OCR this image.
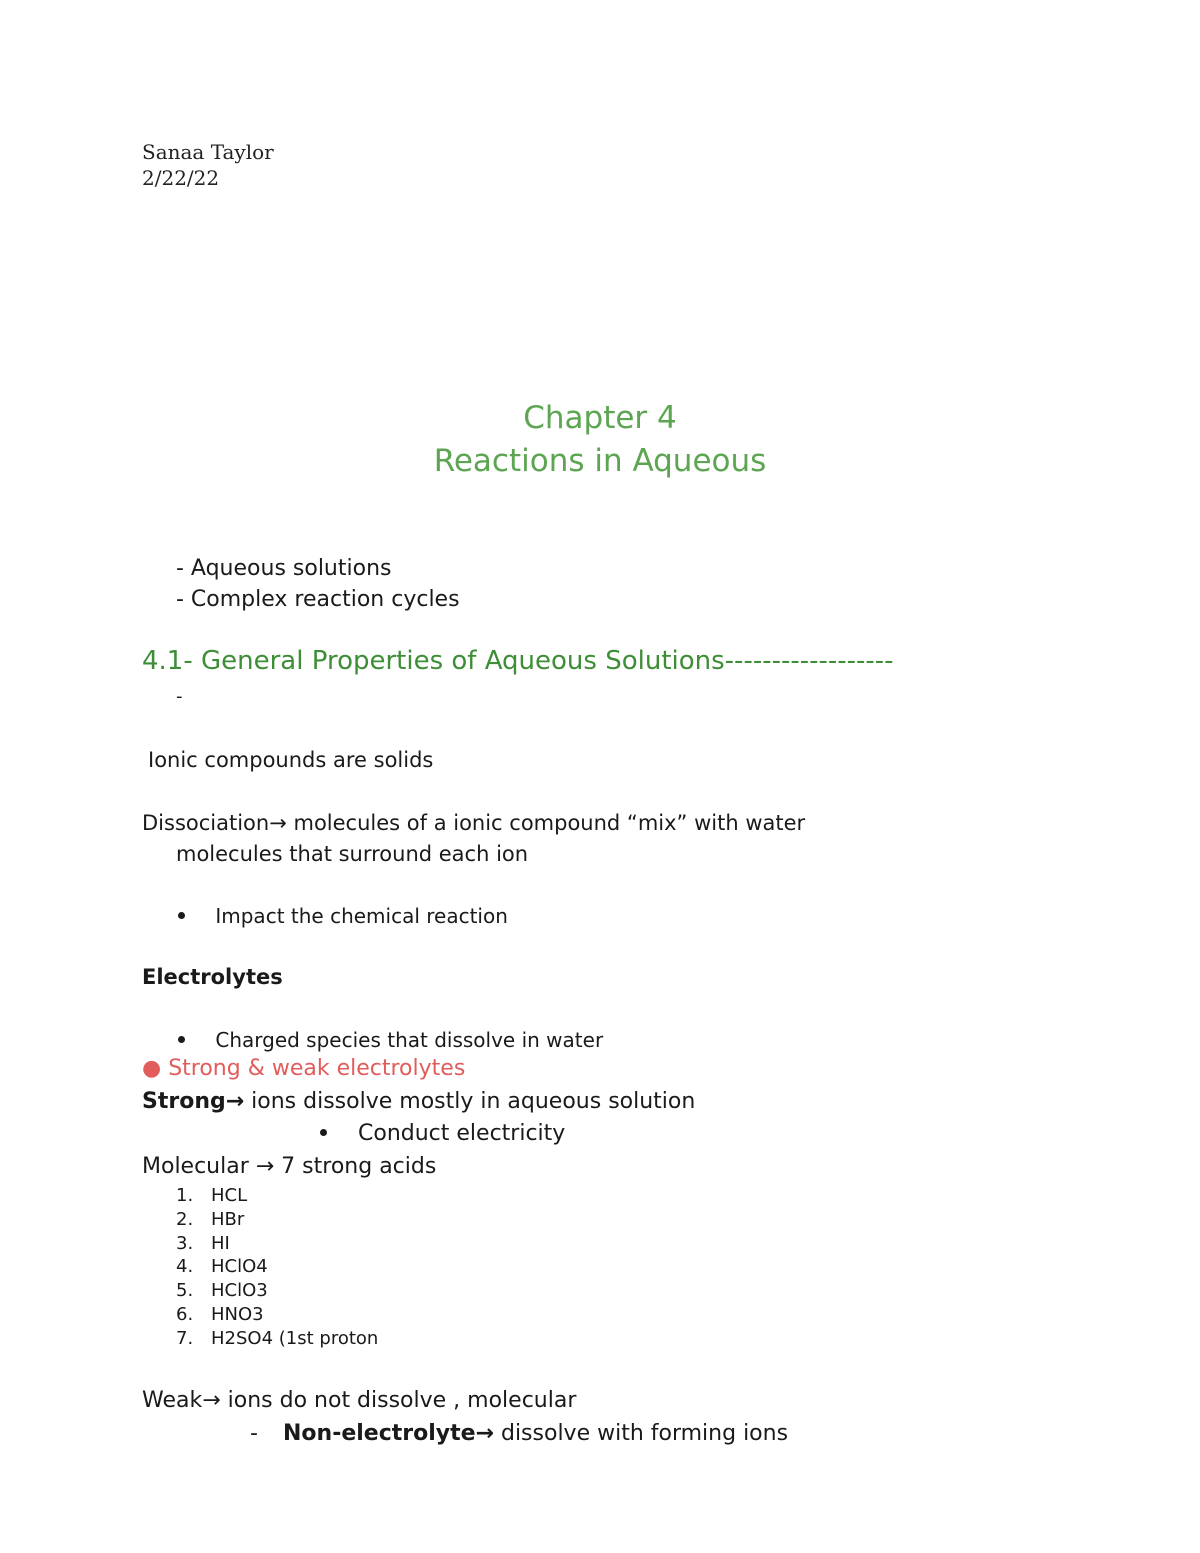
Sanaa Taylor
2/22/22
Chapter 4
Reactions in Aqueous
- Aqueous solutions
- Complex reaction cycles
4.1- General Properties of Aqueous Solutions------------------
-
Ionic compounds are solids
Dissociation→ molecules of a ionic compound “mix” with water
molecules that surround each ion
Impact the chemical reaction
Electrolytes
Charged species that dissolve in water
● Strong & weak electrolytes
Strong→ ions dissolve mostly in aqueous solution
Conduct electricity
Molecular → 7 strong acids
1. HCL
2. HBr
3. HI
4. HClO4
5. HClO3
6. HNO3
7. H2SO4 (1st proton
Weak→ ions do not dissolve , molecular
- Non-electrolyte→ dissolve with forming ions
